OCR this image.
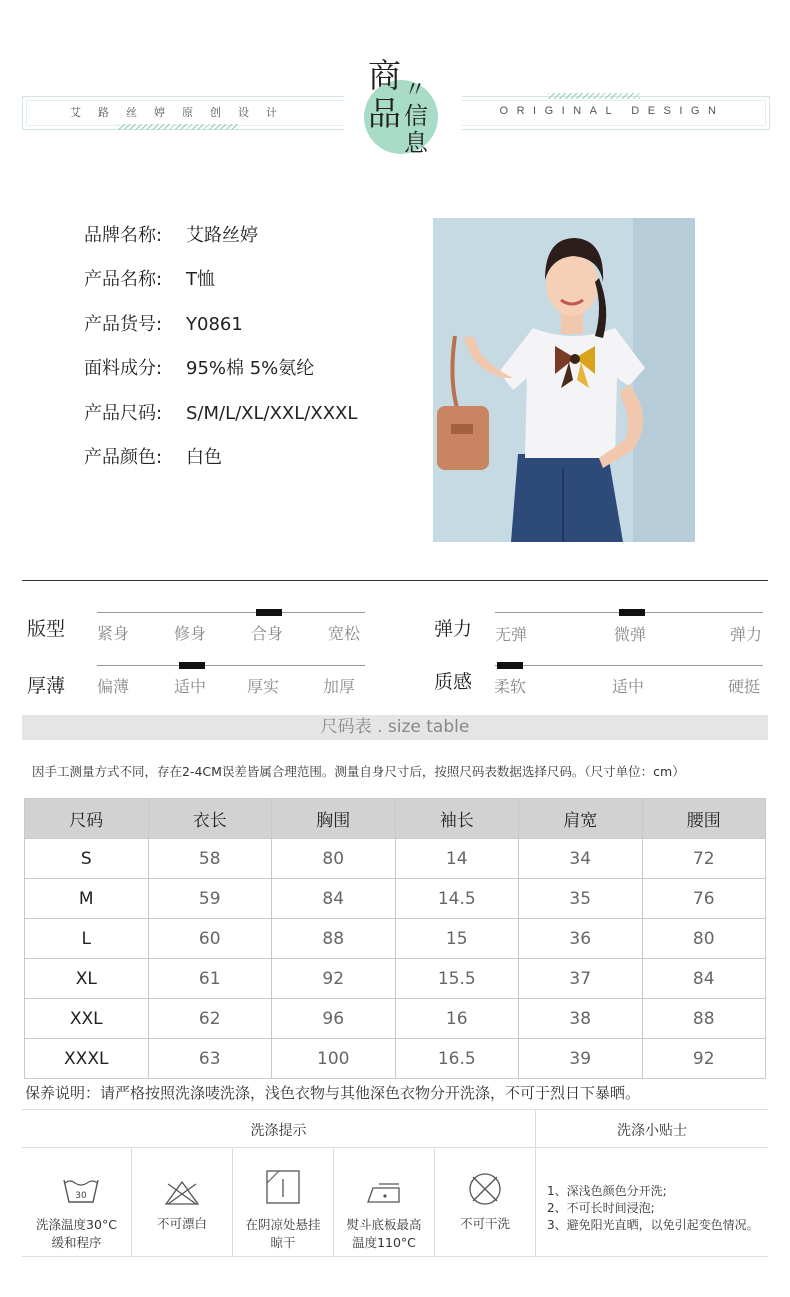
艾路丝婷原创设计	ORIGINAL DESIGN
商
品
〃
信
息
品牌名称: 艾路丝婷
产品名称: T恤
产品货号: Y0861
面料成分: 95%棉 5%氨纶
产品尺码: S/M/L/XL/XXL/XXXL
产品颜色: 白色
版型 紧身	修身	合身	宽松	弹力 无弹	微弹	弹力
厚薄 偏薄	适中	厚实	加厚	质感 柔软	适中	硬挺
尺码表 . size table
因手工测量方式不同，存在2-4CM误差皆属合理范围。测量自身尺寸后，按照尺码表数据选择尺码。（尺寸单位：cm）
尺码	衣长	胸围	袖长	肩宽	腰围
S	58	80	14	34	72
M	59	84	14.5	35	76
L	60	88	15	36	80
XL	61	92	15.5	37	84
XXL	62	96	16	38	88
XXXL	63	100	16.5	39	92
保养说明：请严格按照洗涤唛洗涤，浅色衣物与其他深色衣物分开洗涤，不可于烈日下暴晒。
洗涤提示	洗涤小贴士
30
洗涤温度30°C
缓和程序
不可漂白	在阴凉处悬挂
晾干
熨斗底板最高
温度110°C
不可干洗
1、深浅色颜色分开洗;
2、不可长时间浸泡;
3、避免阳光直晒，以免引起变色情况。
